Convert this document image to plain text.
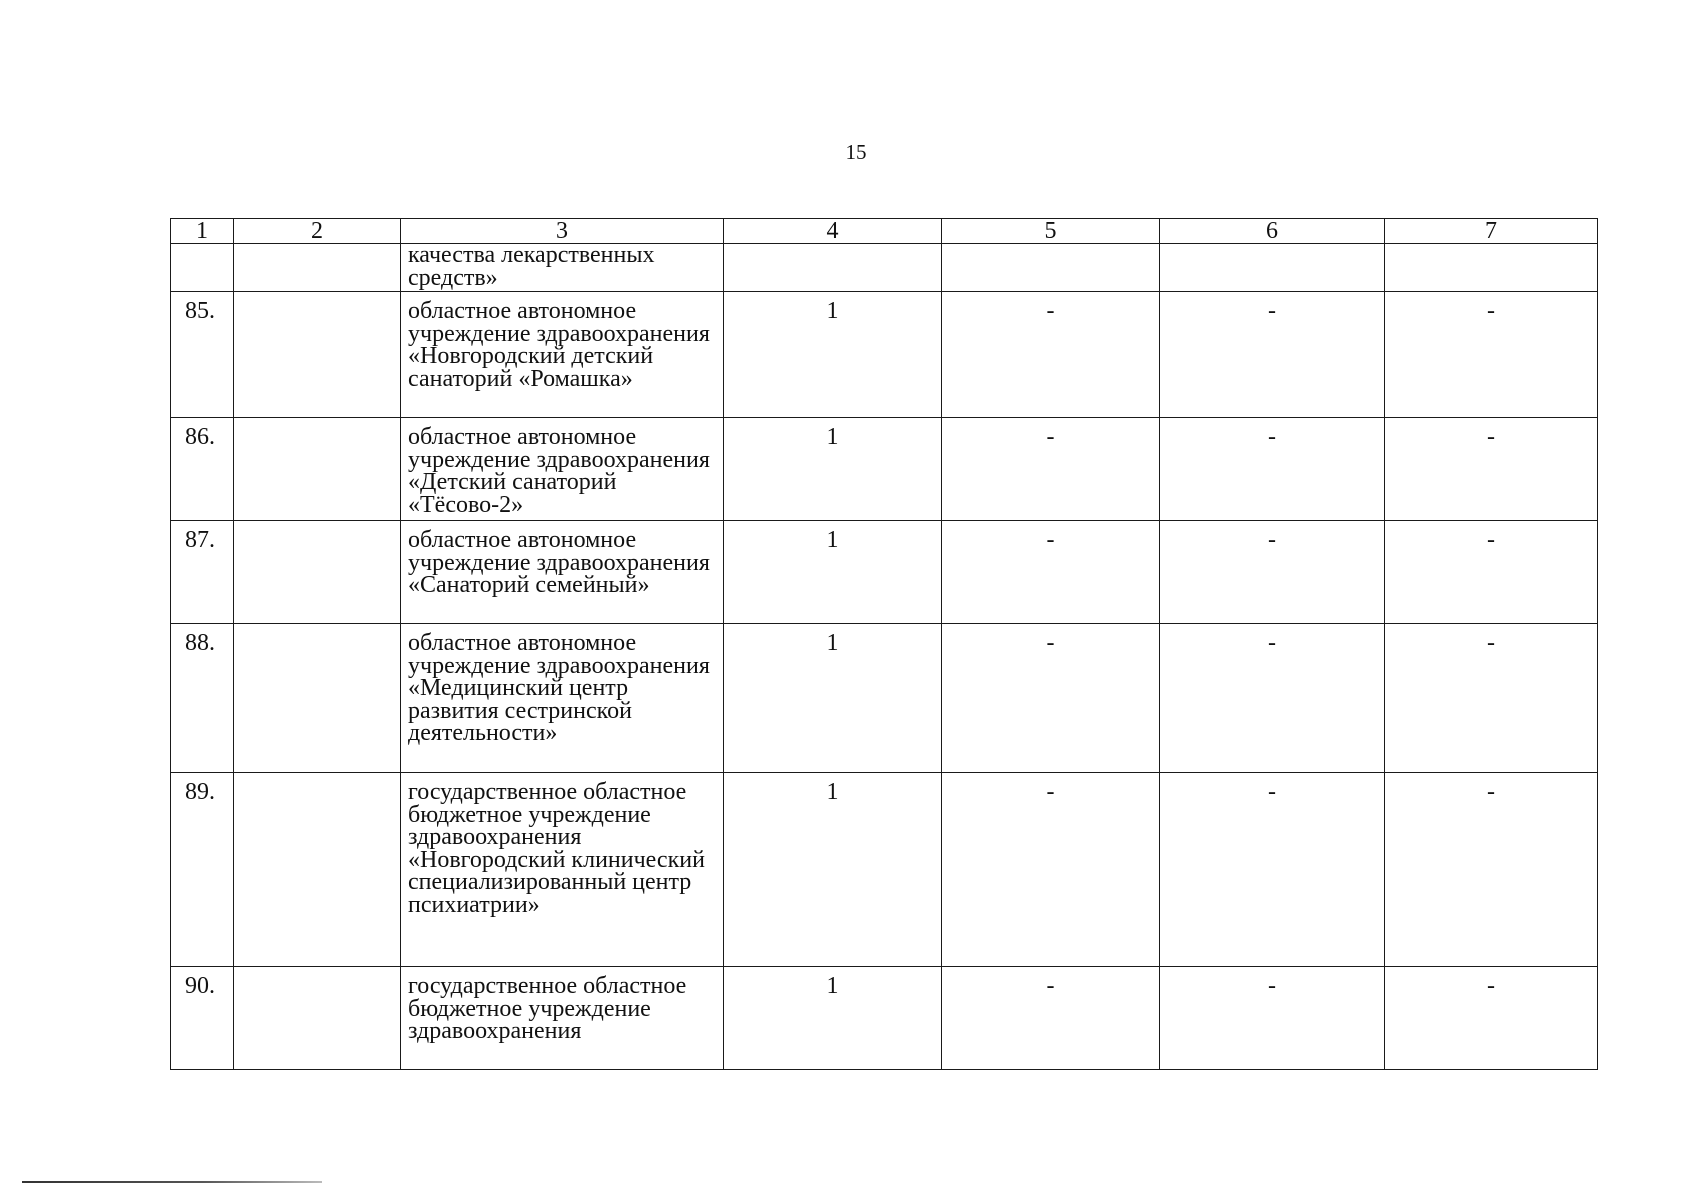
15
1	2	3	4	5	6	7
		качества лекарственных средств»				
85.		областное автономное учреждение здравоохранения «Новгородский детский санаторий «Ромашка»	1	-	-	-
86.		областное автономное учреждение здравоохранения «Детский санаторий «Тёсово-2»	1	-	-	-
87.		областное автономное учреждение здравоохранения «Санаторий семейный»	1	-	-	-
88.		областное автономное учреждение здравоохранения «Медицинский центр развития сестринской деятельности»	1	-	-	-
89.		государственное областное бюджетное учреждение здравоохранения «Новгородский клинический специализированный центр психиатрии»	1	-	-	-
90.		государственное областное бюджетное учреждение здравоохранения	1	-	-	-
